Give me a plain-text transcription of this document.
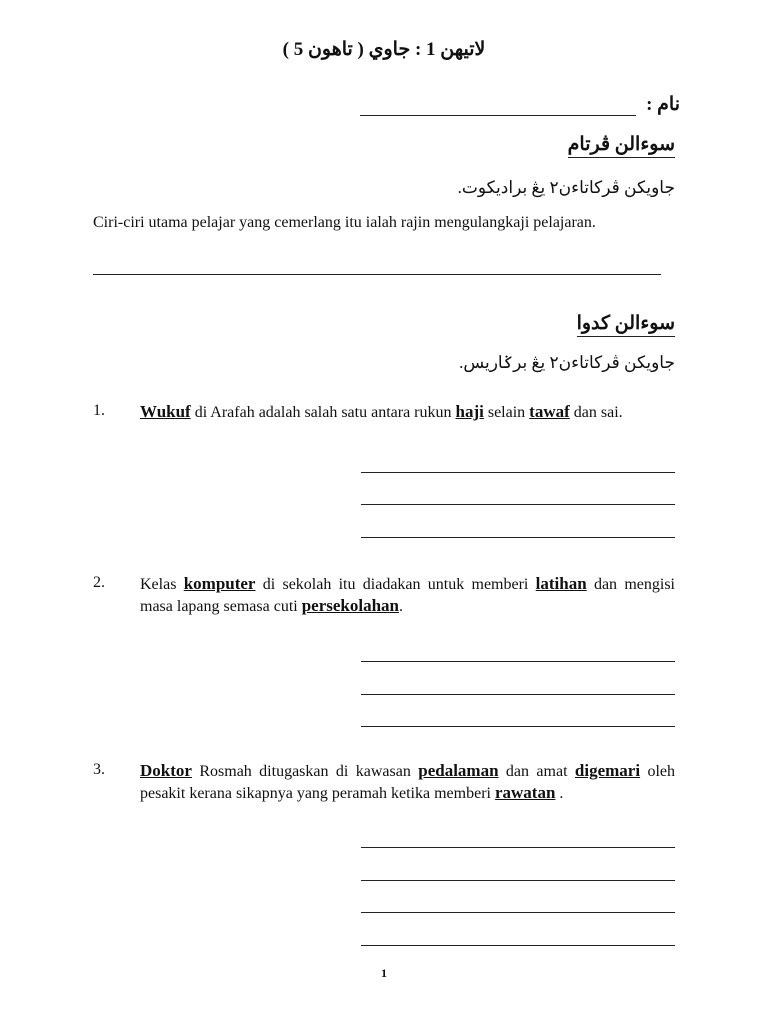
لاتيهن 1 : جاوي ( تاهون 5 )
نام :
سوءالن ڤرتام
جاويکن ڤرکاتاءن٢ يڠ براديکوت.
Ciri-ciri utama pelajar yang cemerlang itu ialah rajin mengulangkaji pelajaran.
سوءالن کدوا
جاويکن ڤرکاتاءن٢ يڠ برݢاريس.
1. Wukuf di Arafah adalah salah satu antara rukun haji selain tawaf dan sai.
2. Kelas komputer di sekolah itu diadakan untuk memberi latihan dan mengisi masa lapang semasa cuti persekolahan.
3. Doktor Rosmah ditugaskan di kawasan pedalaman dan amat digemari oleh pesakit kerana sikapnya yang peramah ketika memberi rawatan .
1
